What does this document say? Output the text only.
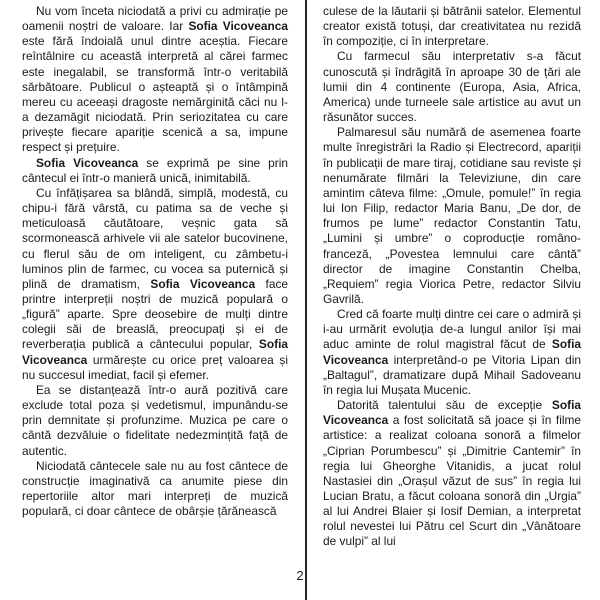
Nu vom înceta niciodată a privi cu admirație pe oamenii noștri de valoare. Iar Sofia Vicoveanca este fără îndoială unul dintre aceștia. Fiecare reîntâlnire cu această interpretă al cărei farmec este inegalabil, se transformă într-o veritabilă sărbătoare. Publicul o așteaptă și o întâmpină mereu cu aceeași dragoste nemărginită căci nu l-a dezamăgit niciodată. Prin seriozitatea cu care privește fiecare apariție scenică a sa, impune respect și prețuire.

Sofia Vicoveanca se exprimă pe sine prin cântecul ei într-o manieră unică, inimitabilă.

Cu înfățișarea sa blândă, simplă, modestă, cu chipu-i fără vârstă, cu patima sa de veche și meticuloasă căutătoare, veșnic gata să scormonească arhivele vii ale satelor bucovinene, cu flerul său de om inteligent, cu zâmbetu-i luminos plin de farmec, cu vocea sa puternică și plină de dramatism, Sofia Vicoveanca face printre interpreții noștri de muzică populară o „figură” aparte. Spre deosebire de mulți dintre colegii săi de breaslă, preocupați și ei de reverberația publică a cântecului popular, Sofia Vicoveanca urmărește cu orice preț valoarea și nu succesul imediat, facil și efemer.

Ea se distanțează într-o aură pozitivă care exclude total poza și vedetismul, impunându-se prin demnitate și profunzime. Muzica pe care o cântă dezvăluie o fidelitate nedezmințită față de autentic.

Niciodată cântecele sale nu au fost cântece de construcție imaginativă ca anumite piese din repertoriile altor mari interpreți de muzică populară, ci doar cântece de obârșie țărănească

culese de la lăutarii și bătrânii satelor. Elementul creator există totuși, dar creativitatea nu rezidă în compoziție, ci în interpretare.

Cu farmecul său interpretativ s-a făcut cunoscută și îndrăgită în aproape 30 de țări ale lumii din 4 continente (Europa, Asia, Africa, America) unde turneele sale artistice au avut un răsunător succes.

Palmaresul său numără de asemenea foarte multe înregistrări la Radio și Electrecord, apariții în publicații de mare tiraj, cotidiane sau reviste și nenumărate filmări la Televiziune, din care amintim câteva filme: „Omule, pomule!” în regia lui Ion Filip, redactor Maria Banu, „De dor, de frumos pe lume” redactor Constantin Tatu, „Lumini și umbre” o coproducție româno-franceză, „Povestea lemnului care cântă” director de imagine Constantin Chelba, „Requiem” regia Viorica Petre, redactor Silviu Gavrilă.

Cred că foarte mulți dintre cei care o admiră și i-au urmărit evoluția de-a lungul anilor își mai aduc aminte de rolul magistral făcut de Sofia Vicoveanca interpretând-o pe Vitoria Lipan din „Baltagul”, dramatizare după Mihail Sadoveanu în regia lui Mușata Mucenic.

Datorită talentului său de excepție Sofia Vicoveanca a fost solicitată să joace și în filme artistice: a realizat coloana sonoră a filmelor „Ciprian Porumbescu” și „Dimitrie Cantemir” în regia lui Gheorghe Vitanidis, a jucat rolul Nastasiei din „Orașul văzut de sus” în regia lui Lucian Bratu, a făcut coloana sonoră din „Urgia” al lui Andrei Blaier și Iosif Demian, a interpretat rolul nevestei lui Pătru cel Scurt din „Vânătoare de vulpi” al lui

2
